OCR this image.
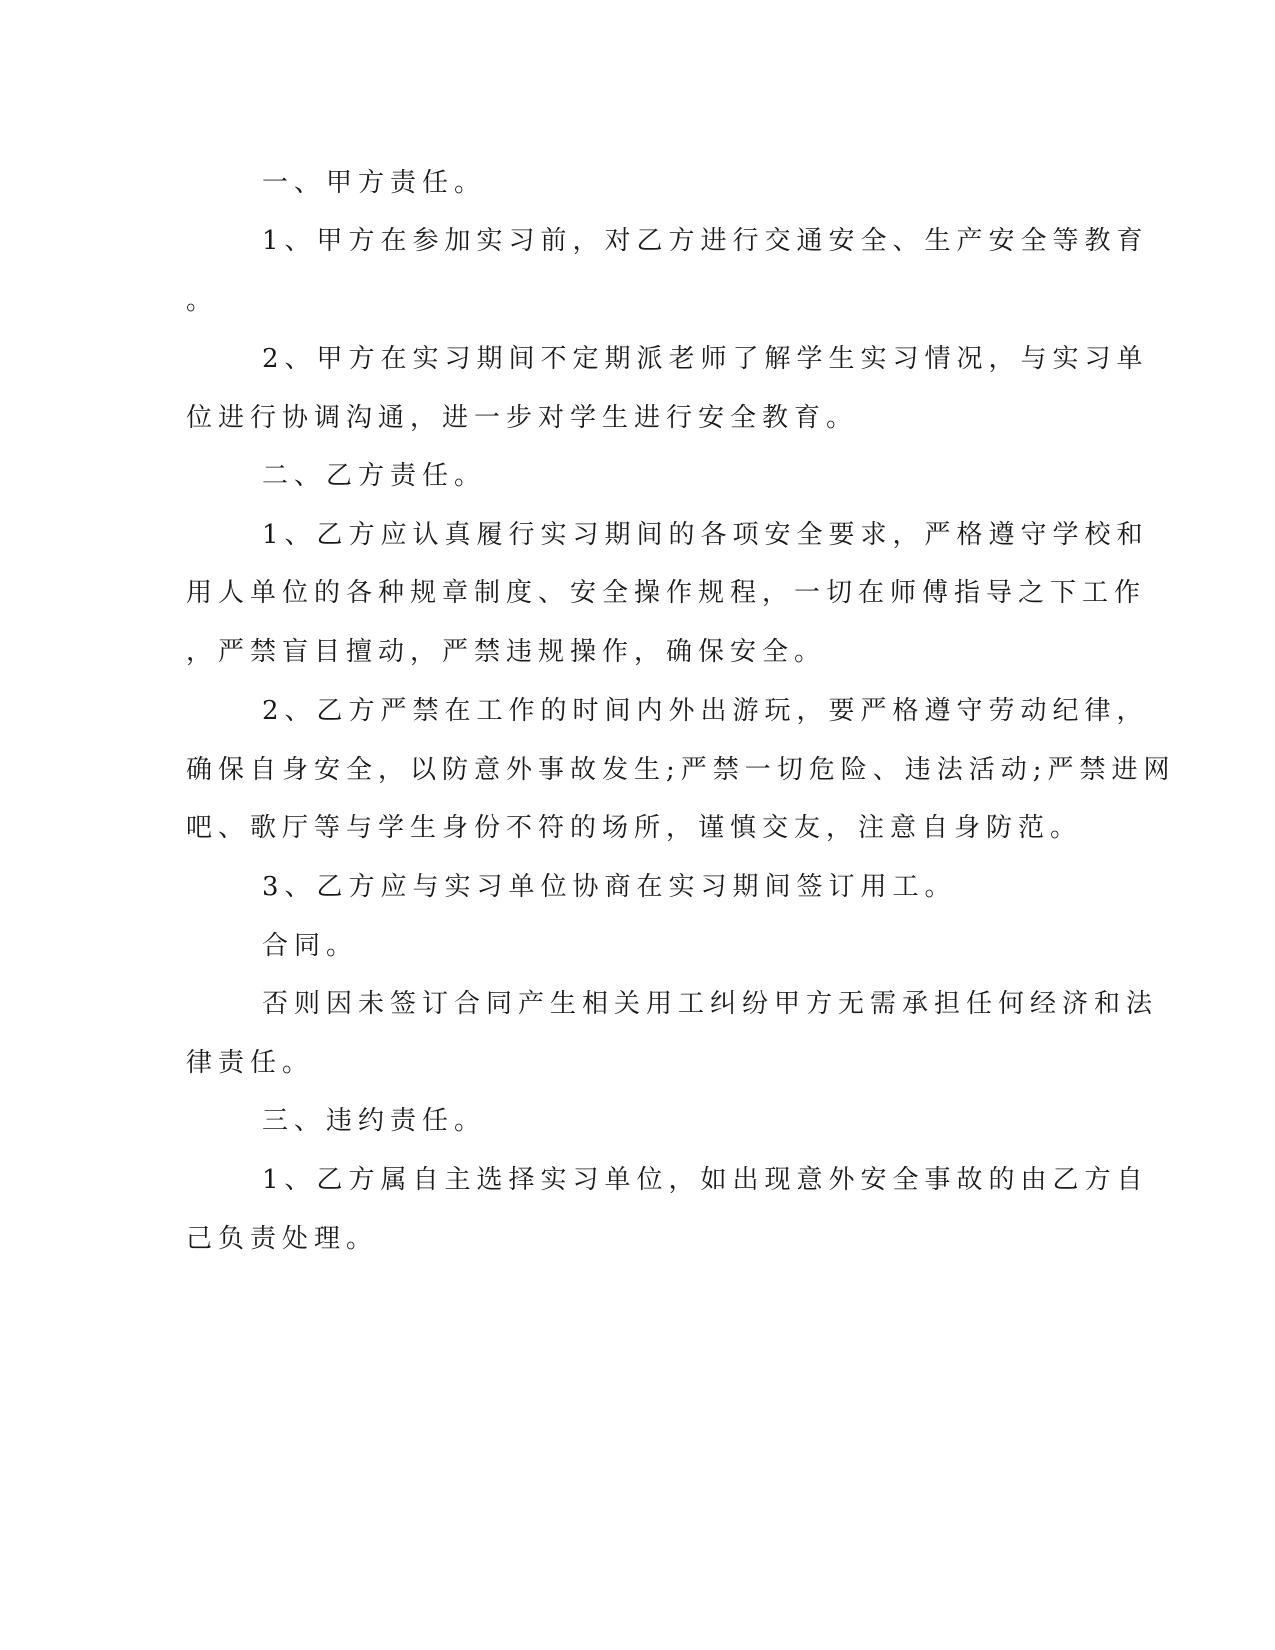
一、甲方责任。
1、甲方在参加实习前，对乙方进行交通安全、生产安全等教育
。
2、甲方在实习期间不定期派老师了解学生实习情况，与实习单
位进行协调沟通，进一步对学生进行安全教育。
二、乙方责任。
1、乙方应认真履行实习期间的各项安全要求，严格遵守学校和
用人单位的各种规章制度、安全操作规程，一切在师傅指导之下工作
，严禁盲目擅动，严禁违规操作，确保安全。
2、乙方严禁在工作的时间内外出游玩，要严格遵守劳动纪律，
确保自身安全，以防意外事故发生;严禁一切危险、违法活动;严禁进网
吧、歌厅等与学生身份不符的场所，谨慎交友，注意自身防范。
3、乙方应与实习单位协商在实习期间签订用工。
合同。
否则因未签订合同产生相关用工纠纷甲方无需承担任何经济和法
律责任。
三、违约责任。
1、乙方属自主选择实习单位，如出现意外安全事故的由乙方自
己负责处理。
